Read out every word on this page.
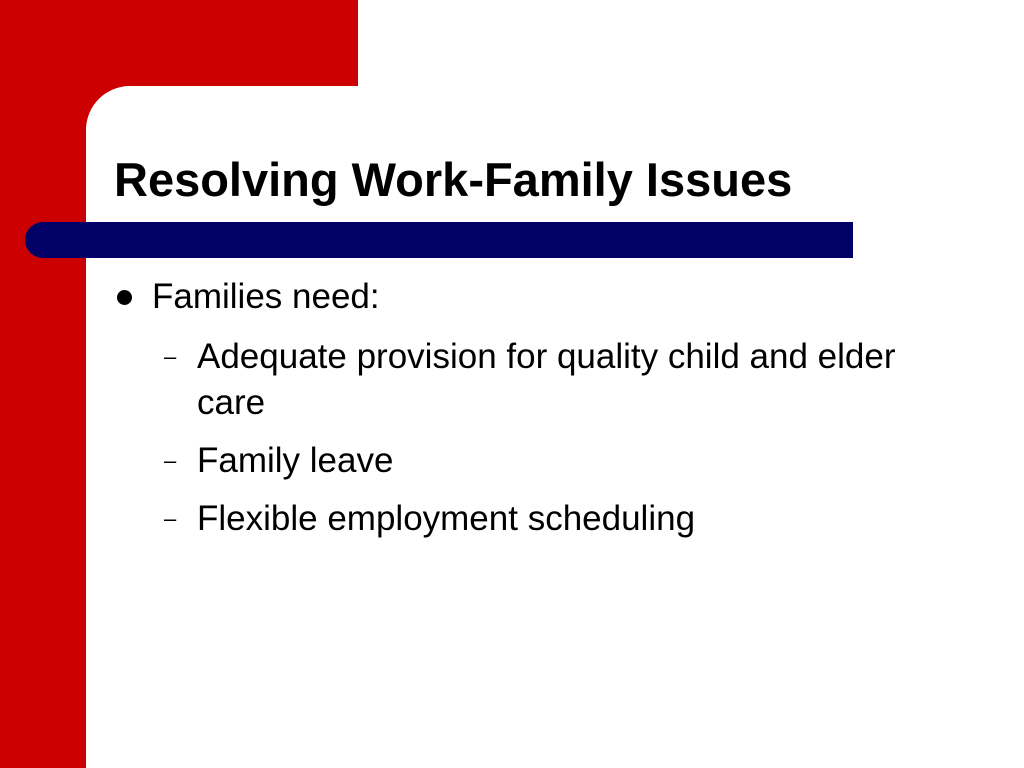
Resolving Work-Family Issues
Families need:
– Adequate provision for quality child and elder care
– Family leave
– Flexible employment scheduling
